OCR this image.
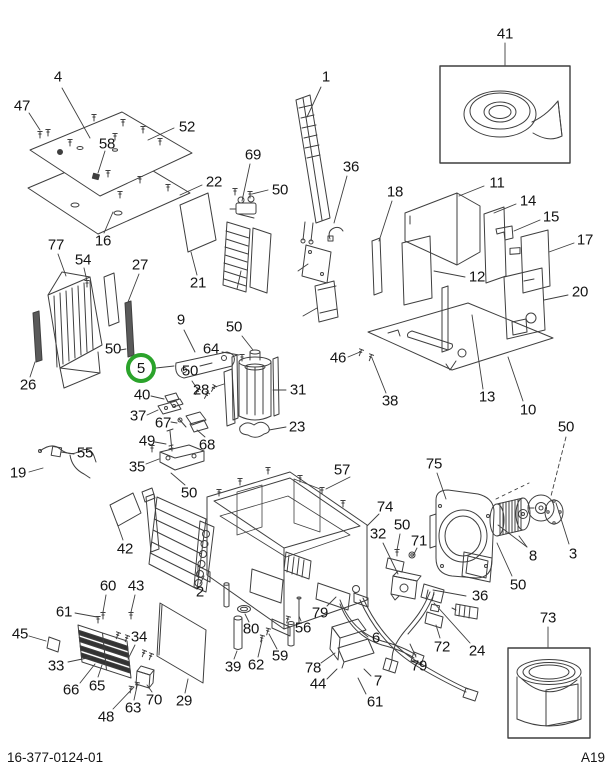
4
47
52
58
22
16
21
1
69
50
36
41
18
11
14
15
17
12
20
10
13
38
46
77
54	27
26
50
9
5	50
64
50
28	31
23
40
37 67
68
49
35
50
19
55
42
2
57
74
32
50
71
75
8 3
50
50
36
24
72
79
79
56
6
78
44	7
61
73
60 43
61
45
33
34
66 65
48
63 70 29
39 62
59
80
16-377-0124-01	A19
